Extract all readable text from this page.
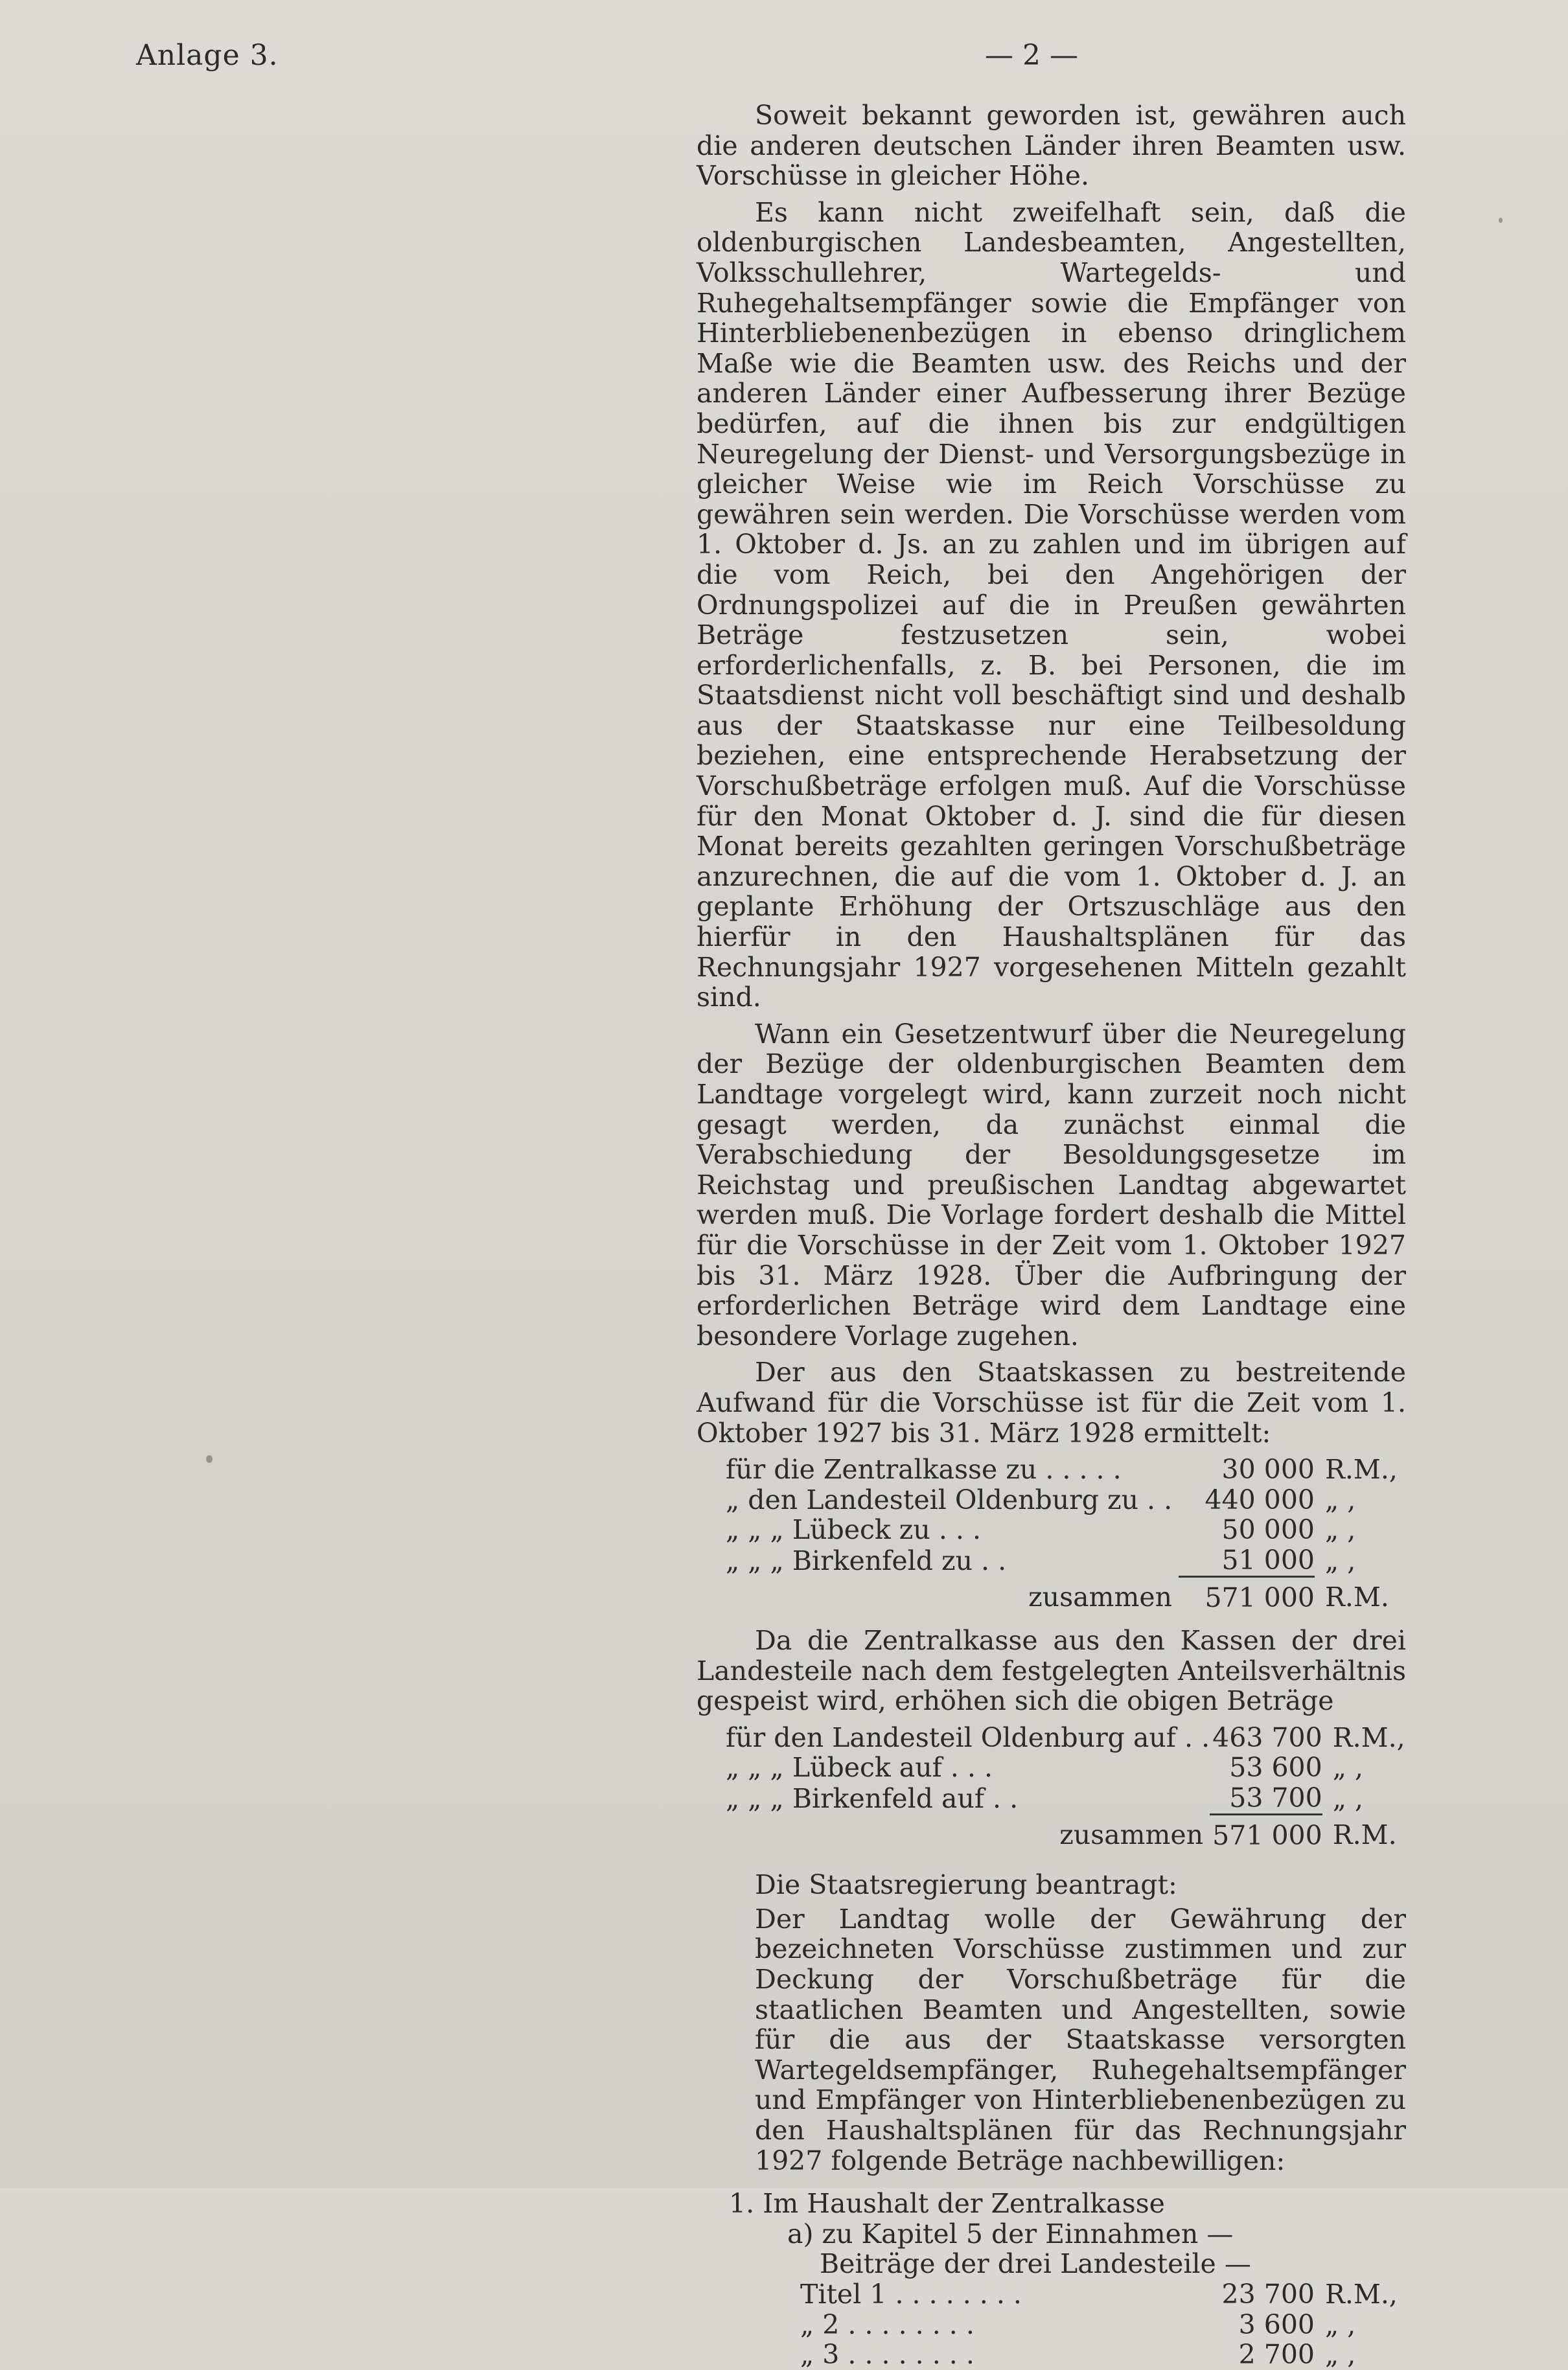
Anlage 3.	— 2 —

Soweit bekannt geworden ist, gewähren auch die anderen deutschen Länder ihren Beamten usw. Vorschüsse in gleicher Höhe.

Es kann nicht zweifelhaft sein, daß die oldenburgischen Landesbeamten, Angestellten, Volksschullehrer, Wartegelds- und Ruhegehaltsempfänger sowie die Empfänger von Hinterbliebenenbezügen in ebenso dringlichem Maße wie die Beamten usw. des Reichs und der anderen Länder einer Aufbesserung ihrer Bezüge bedürfen, auf die ihnen bis zur endgültigen Neuregelung der Dienst- und Versorgungsbezüge in gleicher Weise wie im Reich Vorschüsse zu gewähren sein werden. Die Vorschüsse werden vom 1. Oktober d. Js. an zu zahlen und im übrigen auf die vom Reich, bei den Angehörigen der Ordnungspolizei auf die in Preußen gewährten Beträge festzusetzen sein, wobei erforderlichenfalls, z. B. bei Personen, die im Staatsdienst nicht voll beschäftigt sind und deshalb aus der Staatskasse nur eine Teilbesoldung beziehen, eine entsprechende Herabsetzung der Vorschußbeträge erfolgen muß. Auf die Vorschüsse für den Monat Oktober d. J. sind die für diesen Monat bereits gezahlten geringen Vorschußbeträge anzurechnen, die auf die vom 1. Oktober d. J. an geplante Erhöhung der Ortszuschläge aus den hierfür in den Haushaltsplänen für das Rechnungsjahr 1927 vorgesehenen Mitteln gezahlt sind.

Wann ein Gesetzentwurf über die Neuregelung der Bezüge der oldenburgischen Beamten dem Landtage vorgelegt wird, kann zurzeit noch nicht gesagt werden, da zunächst einmal die Verabschiedung der Besoldungsgesetze im Reichstag und preußischen Landtag abgewartet werden muß. Die Vorlage fordert deshalb die Mittel für die Vorschüsse in der Zeit vom 1. Oktober 1927 bis 31. März 1928. Über die Aufbringung der erforderlichen Beträge wird dem Landtage eine besondere Vorlage zugehen.

Der aus den Staatskassen zu bestreitende Aufwand für die Vorschüsse ist für die Zeit vom 1. Oktober 1927 bis 31. März 1928 ermittelt:

für die Zentralkasse zu . . . . .	30 000	R.M.,
„ den Landesteil Oldenburg zu . .	440 000	„ ,
„ „ „ Lübeck zu . . .	50 000	„ ,
„ „ „ Birkenfeld zu . .	51 000	„ ,
zusammen	571 000	R.M.

Da die Zentralkasse aus den Kassen der drei Landesteile nach dem festgelegten Anteilsverhältnis gespeist wird, erhöhen sich die obigen Beträge

für den Landesteil Oldenburg auf . .	463 700	R.M.,
„ „ „ Lübeck auf . . .	53 600	„ ,
„ „ „ Birkenfeld auf . .	53 700	„ ,
zusammen	571 000	R.M.

Die Staatsregierung beantragt:

Der Landtag wolle der Gewährung der bezeichneten Vorschüsse zustimmen und zur Deckung der Vorschußbeträge für die staatlichen Beamten und Angestellten, sowie für die aus der Staatskasse versorgten Wartegeldsempfänger, Ruhegehaltsempfänger und Empfänger von Hinterbliebenenbezügen zu den Haushaltsplänen für das Rechnungsjahr 1927 folgende Beträge nachbewilligen:

1. Im Haushalt der Zentralkasse
a) zu Kapitel 5 der Einnahmen —
Beiträge der drei Landesteile —
Titel 1 . . . . . . . .	23 700	R.M.,
„ 2 . . . . . . . .	3 600	„ ,
„ 3 . . . . . . . .	2 700	„ ,
